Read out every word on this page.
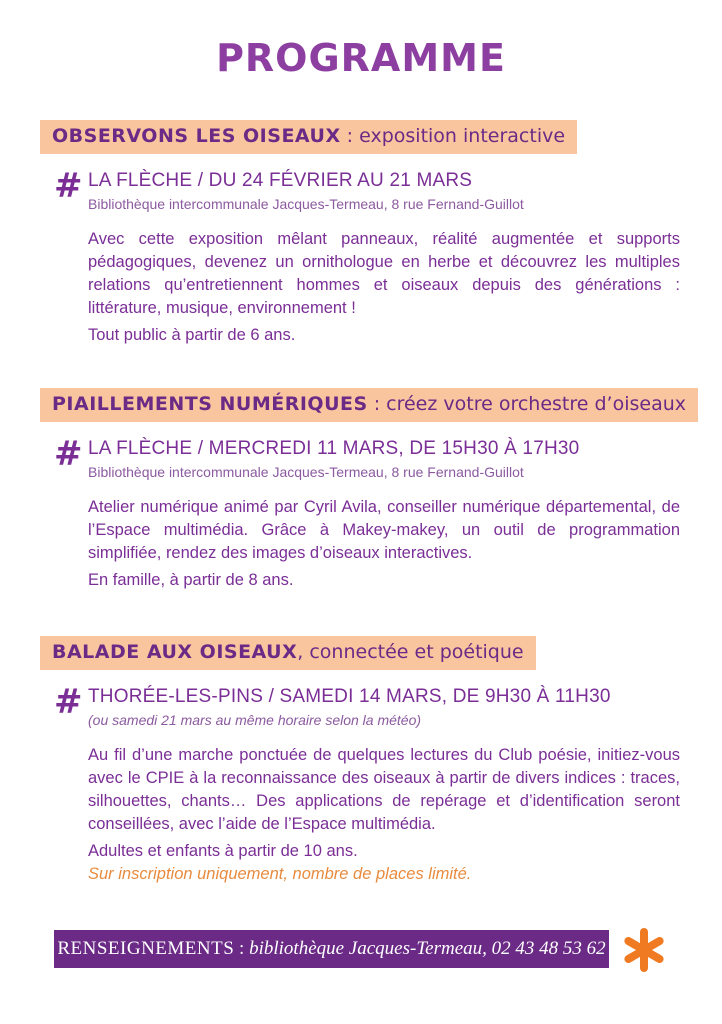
PROGRAMME
OBSERVONS LES OISEAUX : exposition interactive
# LA FLÈCHE / DU 24 FÉVRIER AU 21 MARS
Bibliothèque intercommunale Jacques-Termeau, 8 rue Fernand-Guillot
Avec cette exposition mêlant panneaux, réalité augmentée et supports pédagogiques, devenez un ornithologue en herbe et découvrez les multiples relations qu’entretiennent hommes et oiseaux depuis des générations : littérature, musique, environnement !
Tout public à partir de 6 ans.
PIAILLEMENTS NUMÉRIQUES : créez votre orchestre d’oiseaux
# LA FLÈCHE / MERCREDI 11 MARS, DE 15H30 À 17H30
Bibliothèque intercommunale Jacques-Termeau, 8 rue Fernand-Guillot
Atelier numérique animé par Cyril Avila, conseiller numérique départemental, de l’Espace multimédia. Grâce à Makey-makey, un outil de programmation simplifiée, rendez des images d’oiseaux interactives.
En famille, à partir de 8 ans.
BALADE AUX OISEAUX, connectée et poétique
# THORÉE-LES-PINS / SAMEDI 14 MARS, DE 9H30 À 11H30
(ou samedi 21 mars au même horaire selon la météo)
Au fil d’une marche ponctuée de quelques lectures du Club poésie, initiez-vous avec le CPIE à la reconnaissance des oiseaux à partir de divers indices : traces, silhouettes, chants… Des applications de repérage et d’identification seront conseillées, avec l’aide de l’Espace multimédia.
Adultes et enfants à partir de 10 ans.
Sur inscription uniquement, nombre de places limité.
RENSEIGNEMENTS : bibliothèque Jacques-Termeau, 02 43 48 53 62
